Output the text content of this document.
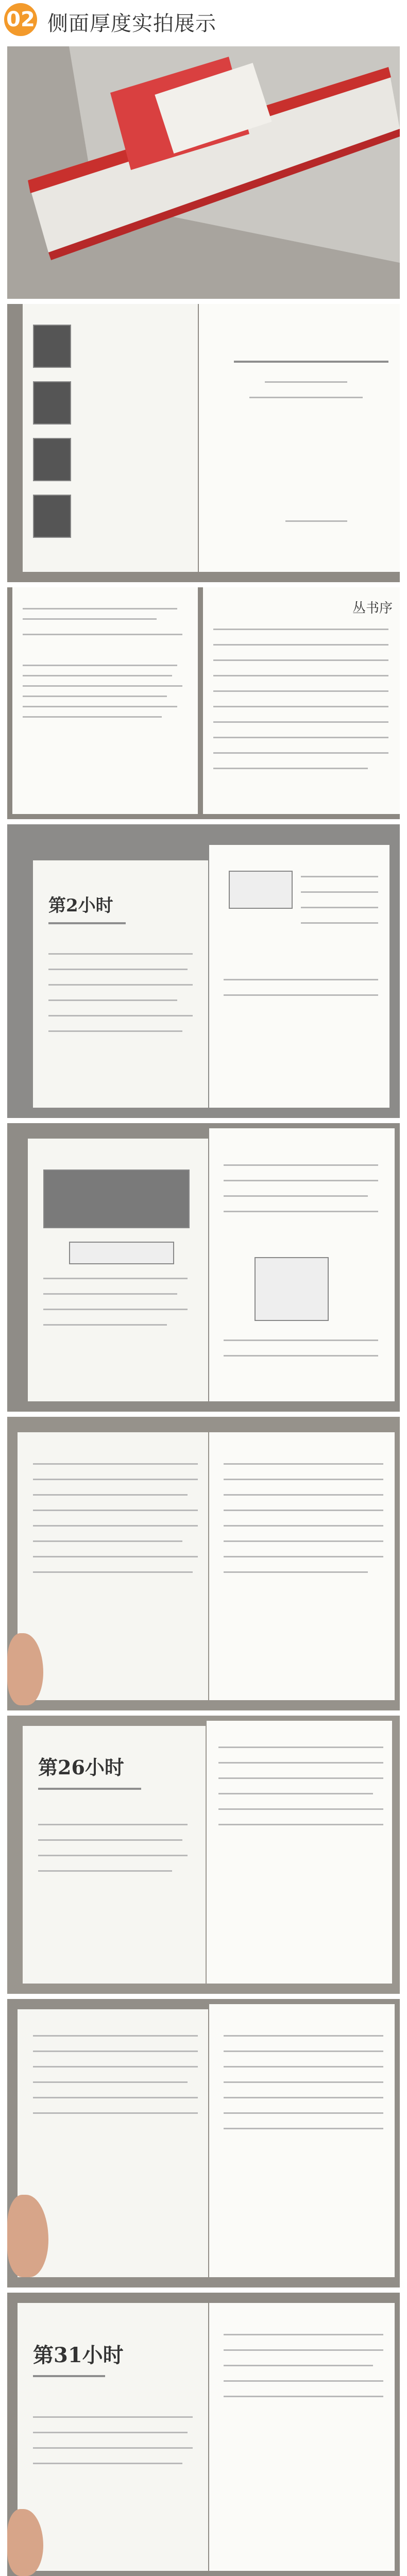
02 侧面厚度实拍展示
丛书序
第2小时
第26小时
第31小时
